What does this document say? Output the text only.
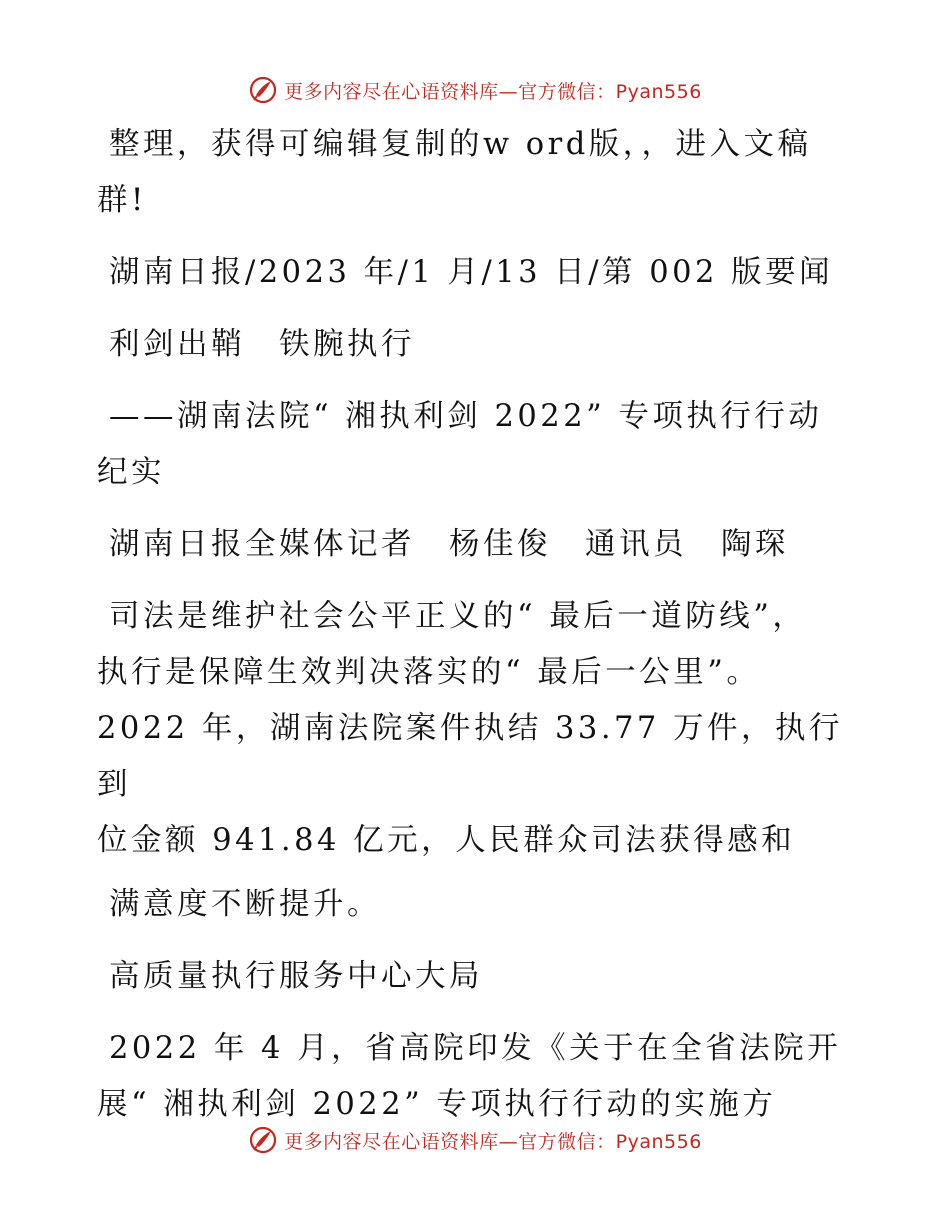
更多内容尽在心语资料库—官方微信：Pyan556

整理，获得可编辑复制的w ord版，，进入文稿
群!

湖南日报/2023 年/1 月/13 日/第 002 版要闻

利剑出鞘　铁腕执行

——湖南法院“ 湘执利剑 2022” 专项执行行动
纪实

湖南日报全媒体记者　杨佳俊　通讯员　陶琛

司法是维护社会公平正义的“ 最后一道防线”，
执行是保障生效判决落实的“ 最后一公里”。
2022 年，湖南法院案件执结 33.77 万件，执行到
位金额 941.84 亿元，人民群众司法获得感和

满意度不断提升。

高质量执行服务中心大局

2022 年 4 月，省高院印发《关于在全省法院开
展“ 湘执利剑 2022” 专项执行行动的实施方

更多内容尽在心语资料库—官方微信：Pyan556
